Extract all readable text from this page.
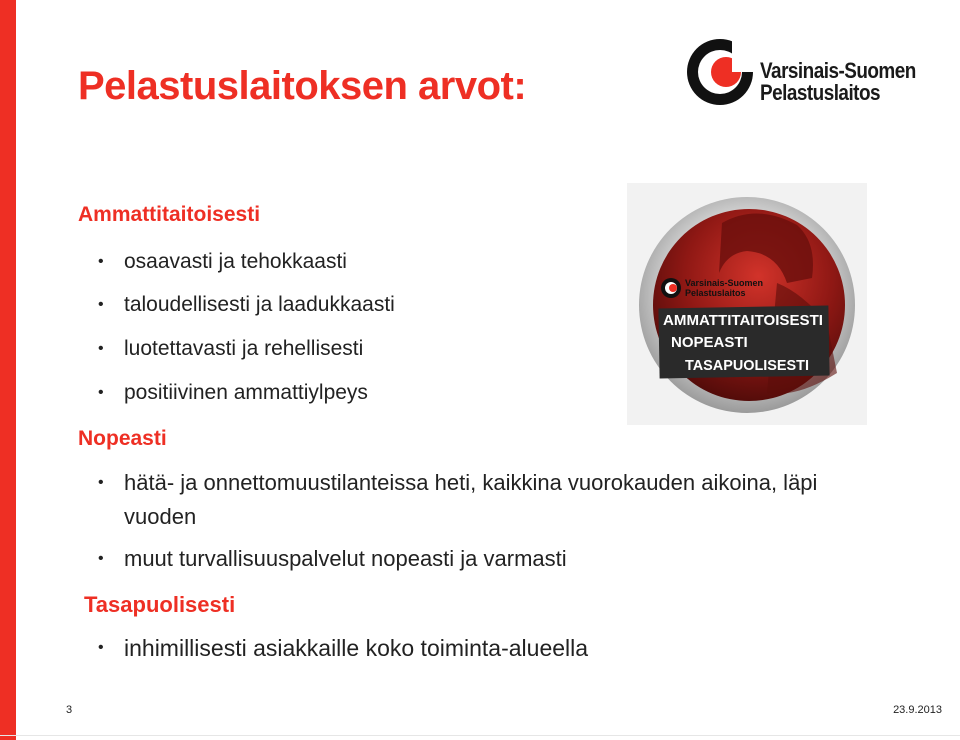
Pelastuslaitoksen arvot:	Varsinais-Suomen
Pelastuslaitos
Varsinais-Suomen
Pelastuslaitos
AMMATTITAITOISESTI
NOPEASTI
TASAPUOLISESTI
Ammattitaitoisesti
• osaavasti ja tehokkaasti
• taloudellisesti ja laadukkaasti
• luotettavasti ja rehellisesti
• positiivinen ammattiylpeys
Nopeasti
• hätä- ja onnettomuustilanteissa heti, kaikkina vuorokauden aikoina, läpi vuoden
• muut turvallisuuspalvelut nopeasti ja varmasti
Tasapuolisesti
• inhimillisesti asiakkaille koko toiminta-alueella
3	23.9.2013
